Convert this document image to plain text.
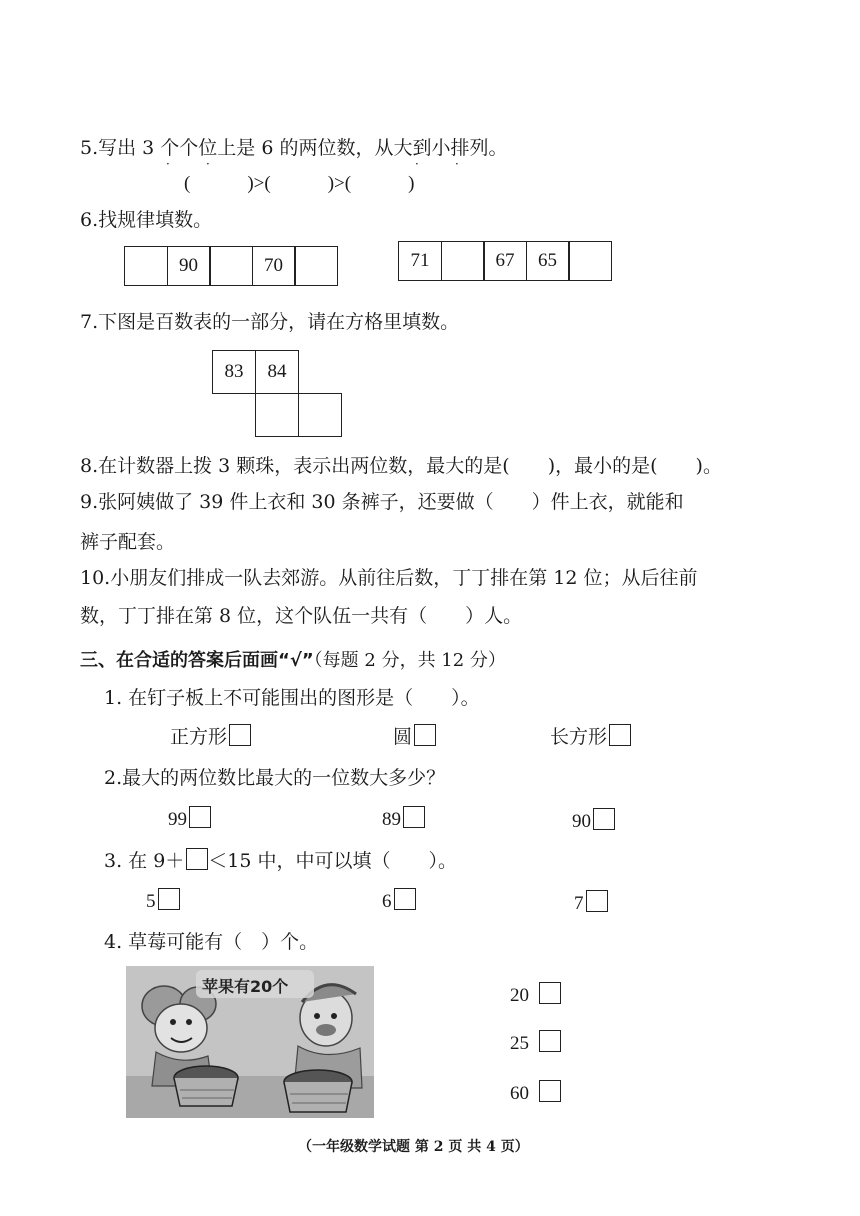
5.写出 3 个个位上是 6 的两位数，从大到小排列。
·	·	·	·
(　　　)>(　　　)>(　　　)
6.找规律填数。
90	70	71	67	65
7.下图是百数表的一部分，请在方格里填数。
83	84
8.在计数器上拨 3 颗珠，表示出两位数，最大的是(　　)，最小的是(　　)。
9.张阿姨做了 39 件上衣和 30 条裤子，还要做（　　）件上衣，就能和
裤子配套。
10.小朋友们排成一队去郊游。从前往后数，丁丁排在第 12 位；从后往前
数，丁丁排在第 8 位，这个队伍一共有（　　）人。
三、在合适的答案后面画“√”（每题 2 分，共 12 分）
1. 在钉子板上不可能围出的图形是（　　）。
正方形	圆	长方形
2.最大的两位数比最大的一位数大多少？
99	89	90
3. 在 9＋ ＜15 中，中可以填（　　）。
5	6	7
4. 草莓可能有（　）个。
苹果有20个	20
25
60
（一年级数学试题 第 2 页 共 4 页）
